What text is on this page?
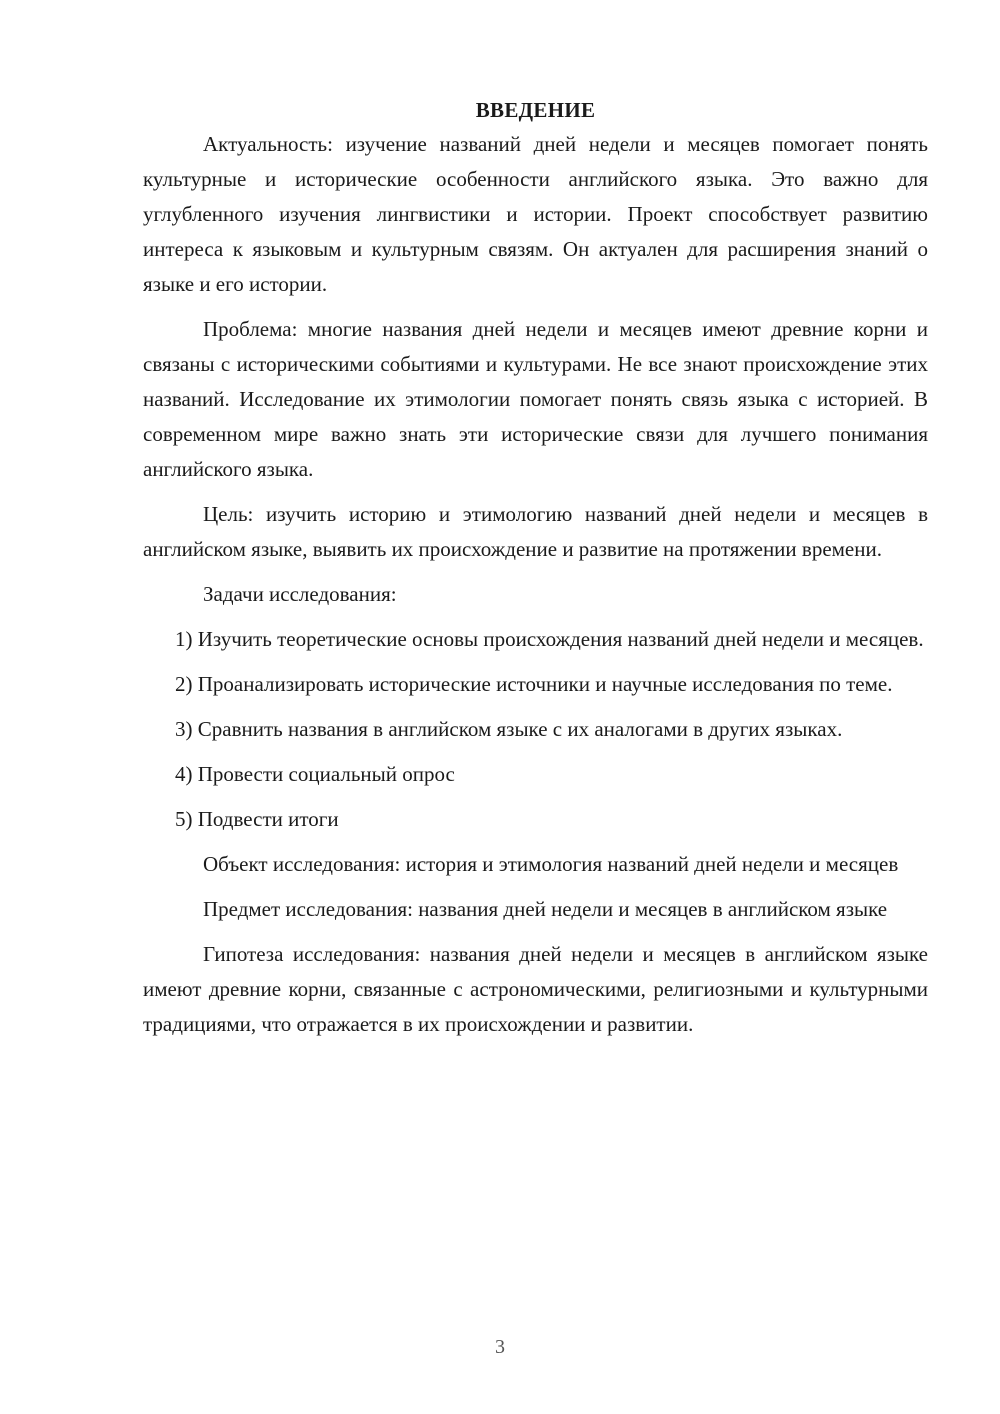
ВВЕДЕНИЕ

Актуальность: изучение названий дней недели и месяцев помогает понять культурные и исторические особенности английского языка. Это важно для углубленного изучения лингвистики и истории. Проект способствует развитию интереса к языковым и культурным связям. Он актуален для расширения знаний о языке и его истории.

Проблема: многие названия дней недели и месяцев имеют древние корни и связаны с историческими событиями и культурами. Не все знают происхождение этих названий. Исследование их этимологии помогает понять связь языка с историей. В современном мире важно знать эти исторические связи для лучшего понимания английского языка.

Цель: изучить историю и этимологию названий дней недели и месяцев в английском языке, выявить их происхождение и развитие на протяжении времени.

Задачи исследования:

1) Изучить теоретические основы происхождения названий дней недели и месяцев.

2) Проанализировать исторические источники и научные исследования по теме.

3) Сравнить названия в английском языке с их аналогами в других языках.

4) Провести социальный опрос

5) Подвести итоги

Объект исследования: история и этимология названий дней недели и месяцев

Предмет исследования: названия дней недели и месяцев в английском языке

Гипотеза исследования: названия дней недели и месяцев в английском языке имеют древние корни, связанные с астрономическими, религиозными и культурными традициями, что отражается в их происхождении и развитии.

3
